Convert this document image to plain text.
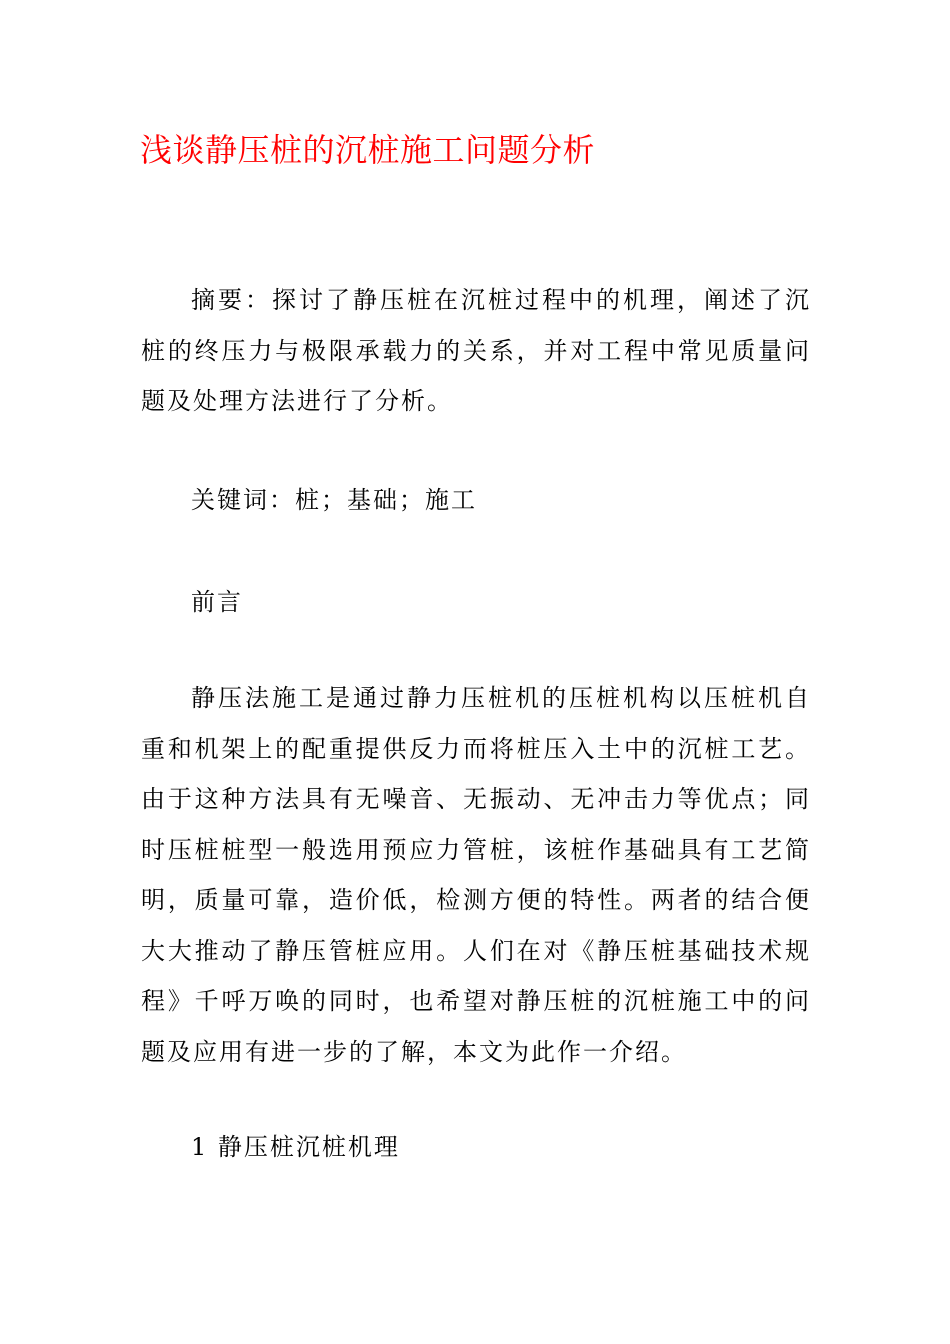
浅谈静压桩的沉桩施工问题分析

摘要：探讨了静压桩在沉桩过程中的机理，阐述了沉桩的终压力与极限承载力的关系，并对工程中常见质量问题及处理方法进行了分析。

关键词：桩；基础；施工

前言

静压法施工是通过静力压桩机的压桩机构以压桩机自重和机架上的配重提供反力而将桩压入土中的沉桩工艺。由于这种方法具有无噪音、无振动、无冲击力等优点；同时压桩桩型一般选用预应力管桩，该桩作基础具有工艺简明，质量可靠，造价低，检测方便的特性。两者的结合便大大推动了静压管桩应用。人们在对《静压桩基础技术规程》千呼万唤的同时，也希望对静压桩的沉桩施工中的问题及应用有进一步的了解，本文为此作一介绍。

1 静压桩沉桩机理
